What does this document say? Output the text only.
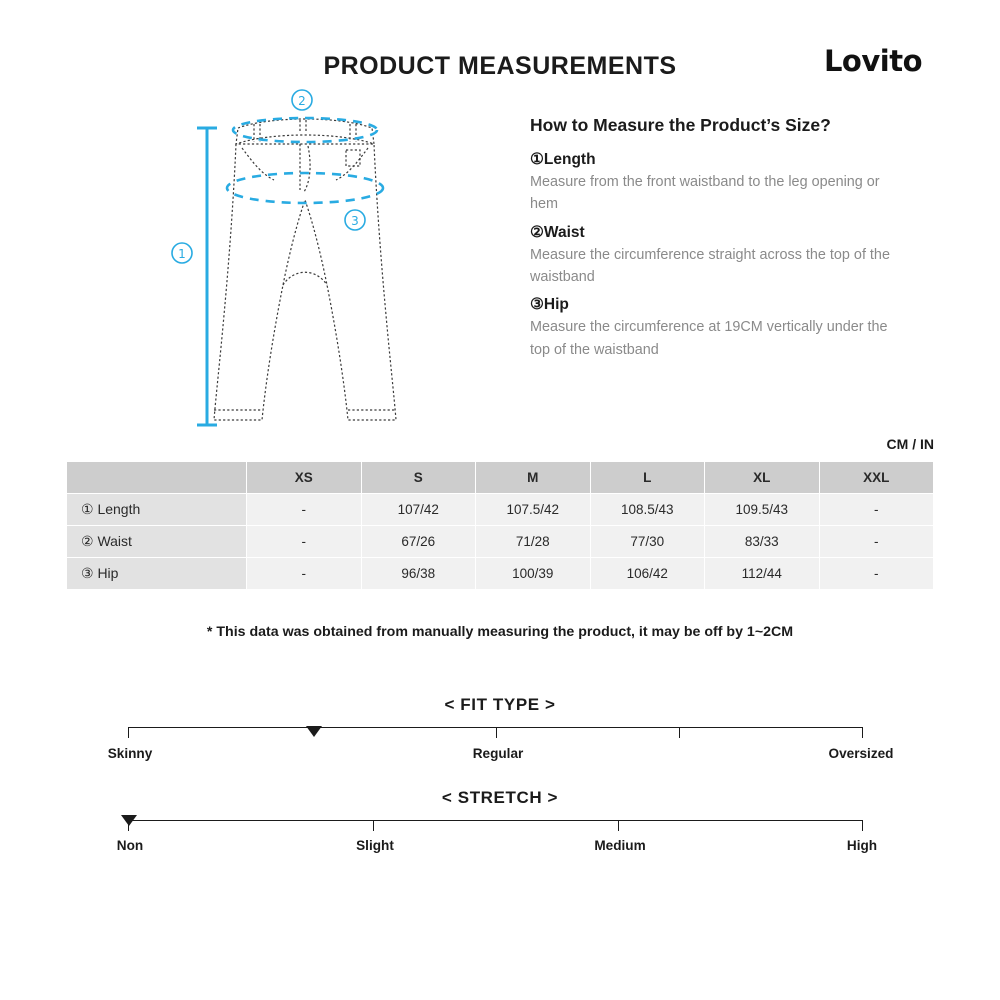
PRODUCT MEASUREMENTS	Lovito
2
1
3
How to Measure the Product’s Size?
①Length
Measure from the front waistband to the leg opening or hem
②Waist
Measure the circumference straight across the top of the waistband
③Hip
Measure the circumference at 19CM vertically under the top of the waistband
CM / IN
	XS	S	M	L	XL	XXL
① Length	-	107/42	107.5/42	108.5/43	109.5/43	-
② Waist	-	67/26	71/28	77/30	83/33	-
③ Hip	-	96/38	100/39	106/42	112/44	-
* This data was obtained from manually measuring the product, it may be off by 1~2CM
< FIT TYPE >
Skinny	Regular	Oversized
< STRETCH >
Non	Slight	Medium	High
